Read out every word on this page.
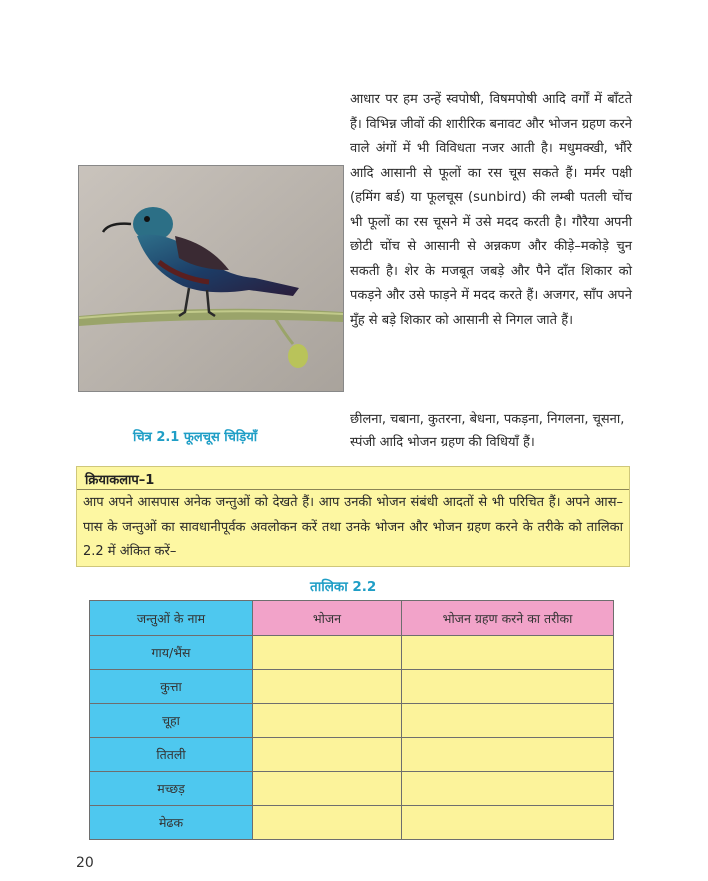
आधार पर हम उन्हें स्वपोषी, विषमपोषी आदि वर्गों में बाँटते हैं। विभिन्न जीवों की शारीरिक बनावट और भोजन ग्रहण करने वाले अंगों में भी विविधता नजर आती है। मधुमक्खी, भौंरे आदि आसानी से फूलों का रस चूस सकते हैं। मर्मर पक्षी (हमिंग बर्ड) या फूलचूस (sunbird) की लम्बी पतली चोंच भी फूलों का रस चूसने में उसे मदद करती है। गौरैया अपनी छोटी चोंच से आसानी से अन्नकण और कीड़े–मकोड़े चुन सकती है। शेर के मजबूत जबड़े और पैने दाँत शिकार को पकड़ने और उसे फाड़ने में मदद करते हैं। अजगर, साँप अपने मुँह से बड़े शिकार को आसानी से निगल जाते हैं।
चित्र 2.1 फूलचूस चिड़ियाँ
छीलना, चबाना, कुतरना, बेधना, पकड़ना, निगलना, चूसना, स्पंजी आदि भोजन ग्रहण की विधियाँ हैं।
क्रियाकलाप–1
आप अपने आसपास अनेक जन्तुओं को देखते हैं। आप उनकी भोजन संबंधी आदतों से भी परिचित हैं। अपने आस–पास के जन्तुओं का सावधानीपूर्वक अवलोकन करें तथा उनके भोजन और भोजन ग्रहण करने के तरीके को तालिका 2.2 में अंकित करें–
तालिका 2.2
जन्तुओं के नाम	भोजन	भोजन ग्रहण करने का तरीका
गाय/भैंस		
कुत्ता		
चूहा		
तितली		
मच्छड़		
मेढक		
20
